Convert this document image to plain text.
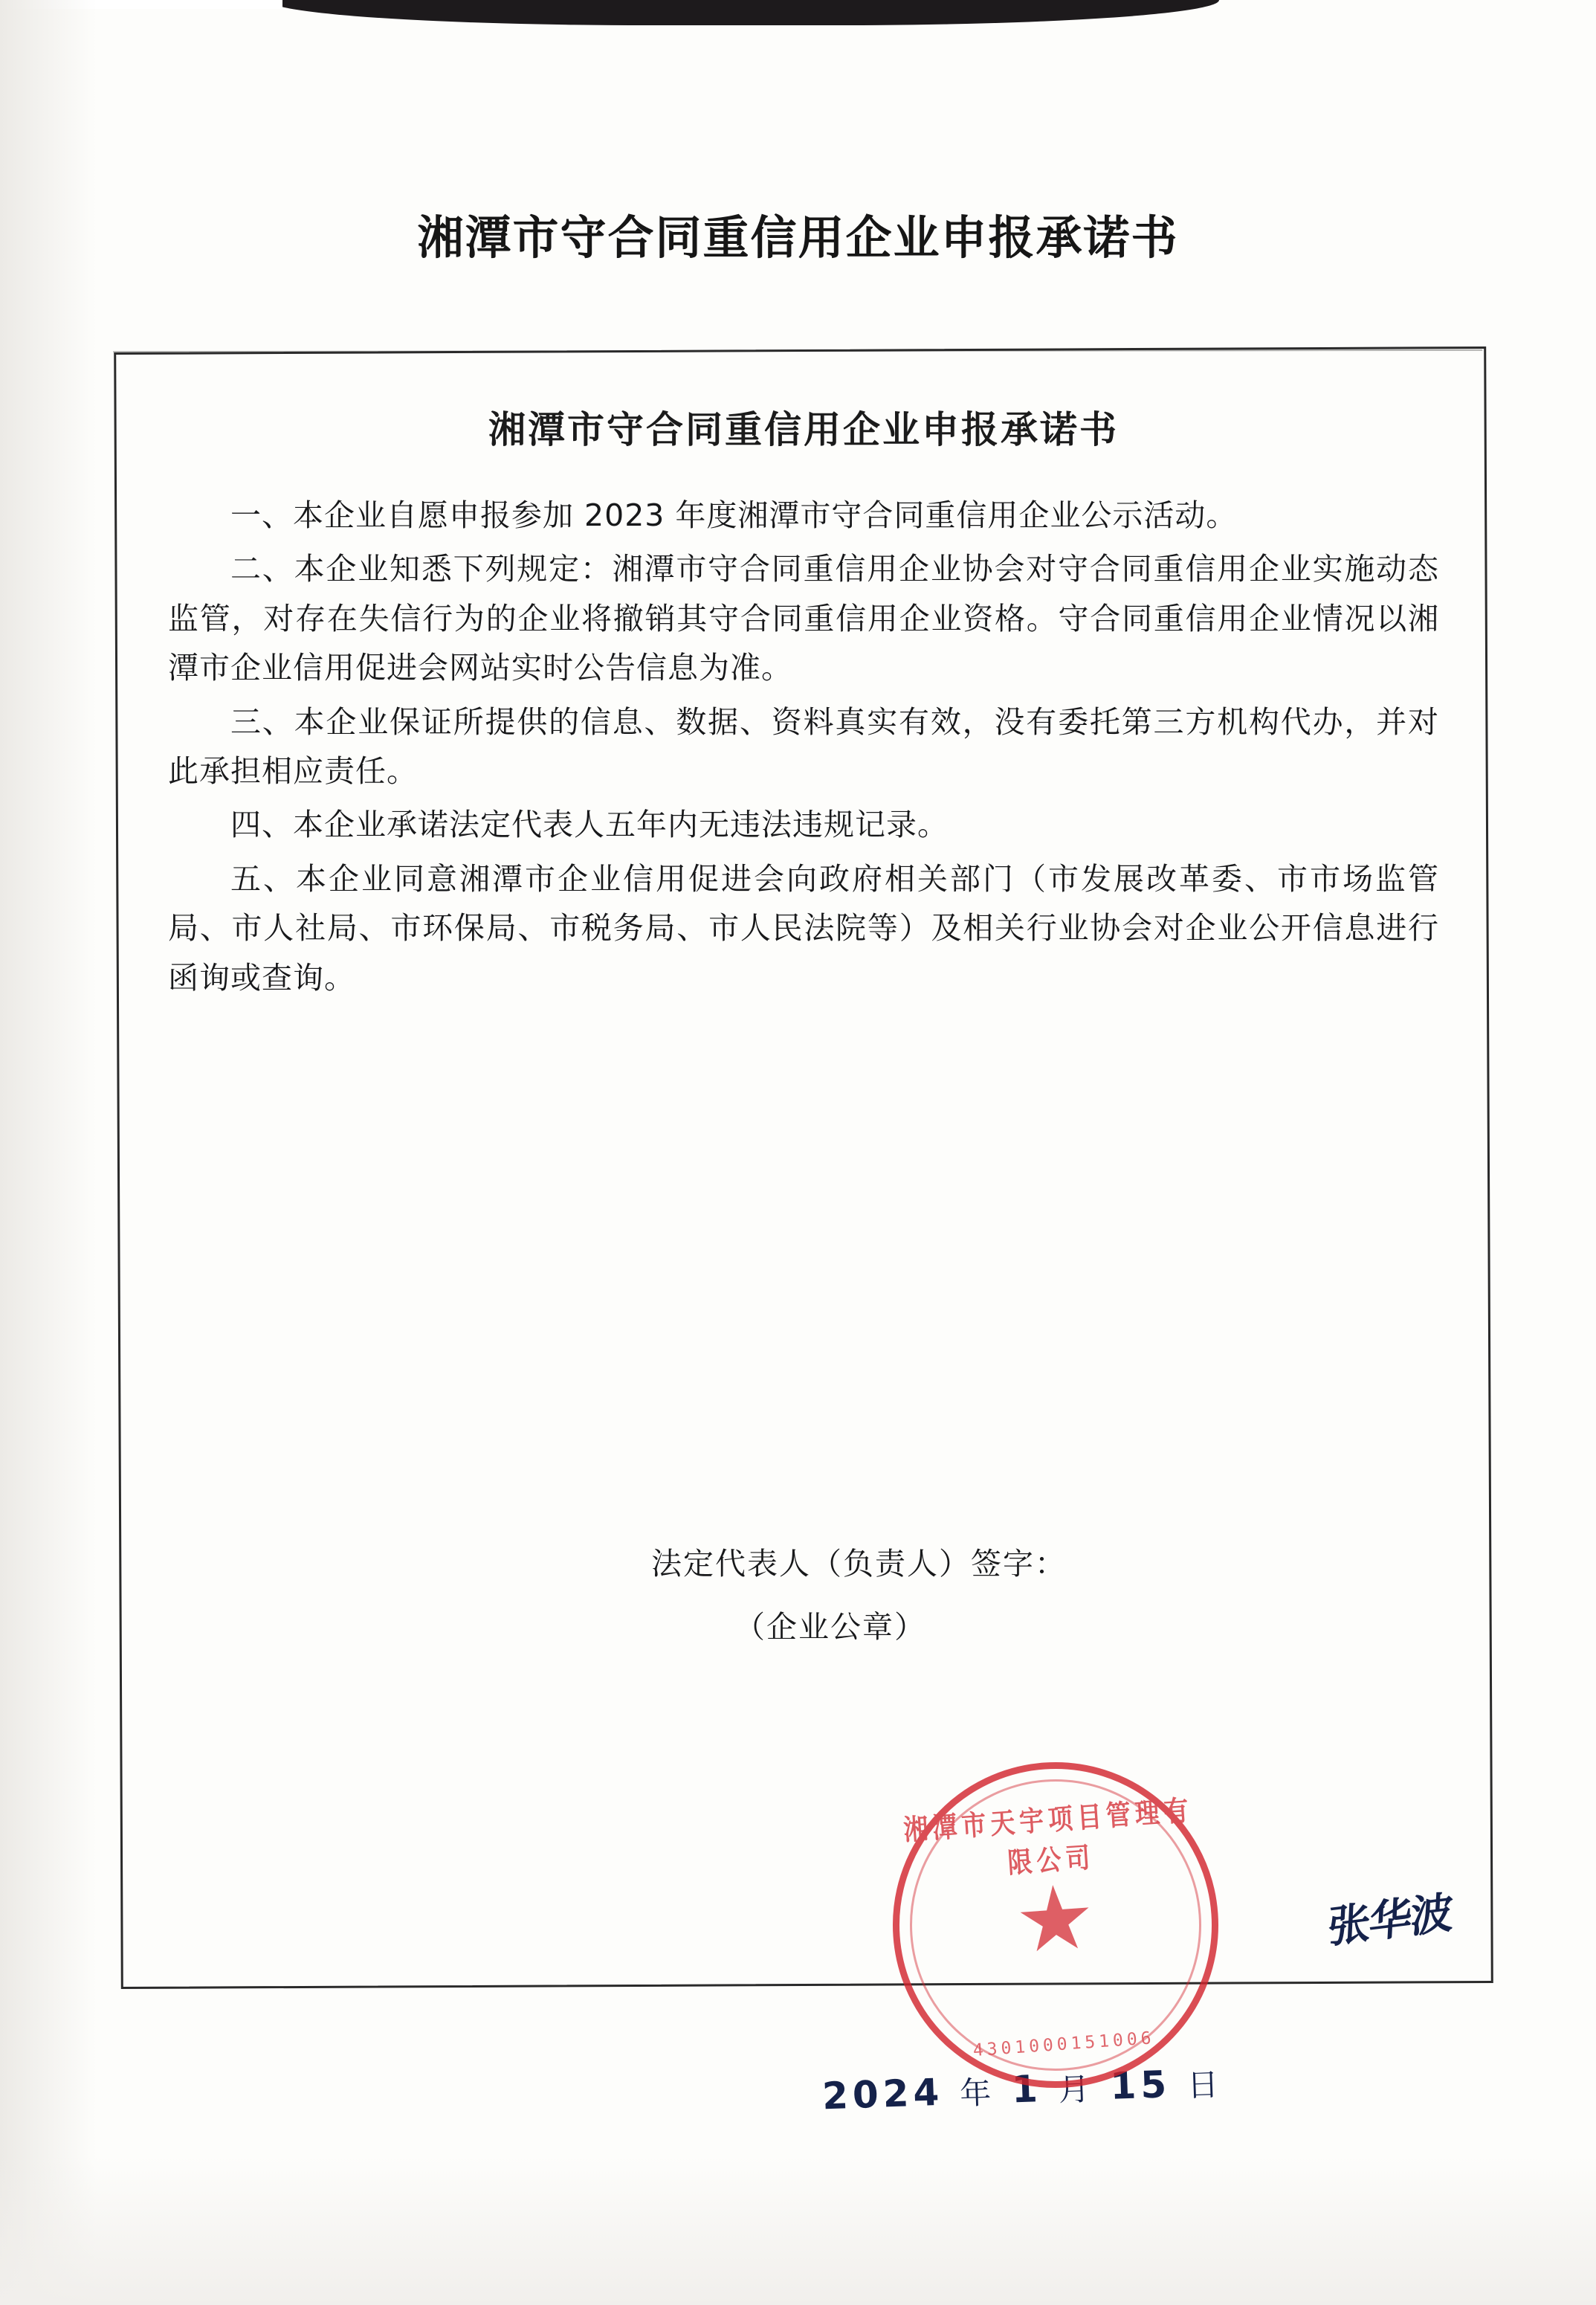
湘潭市守合同重信用企业申报承诺书
湘潭市守合同重信用企业申报承诺书

一、本企业自愿申报参加 2023 年度湘潭市守合同重信用企业公示活动。

二、本企业知悉下列规定：湘潭市守合同重信用企业协会对守合同重信用企业实施动态监管，对存在失信行为的企业将撤销其守合同重信用企业资格。守合同重信用企业情况以湘潭市企业信用促进会网站实时公告信息为准。

三、本企业保证所提供的信息、数据、资料真实有效，没有委托第三方机构代办，并对此承担相应责任。

四、本企业承诺法定代表人五年内无违法违规记录。

五、本企业同意湘潭市企业信用促进会向政府相关部门（市发展改革委、市市场监管局、市人社局、市环保局、市税务局、市人民法院等）及相关行业协会对企业公开信息进行函询或查询。

法定代表人（负责人）签字：
（企业公章）
张华波
2024 年 1 月 15 日
湘潭市天宇项目管理有限公司
4301000151006
